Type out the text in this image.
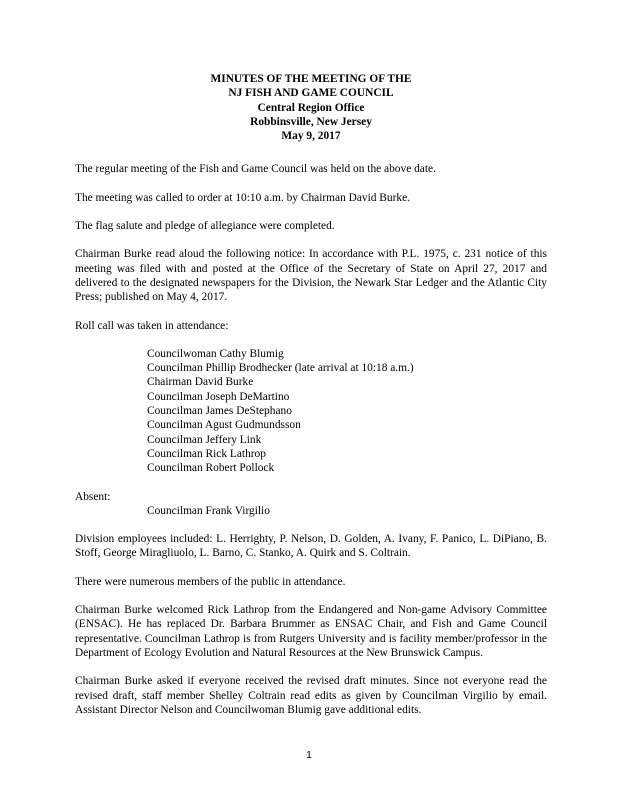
MINUTES OF THE MEETING OF THE
NJ FISH AND GAME COUNCIL
Central Region Office
Robbinsville, New Jersey
May 9, 2017

The regular meeting of the Fish and Game Council was held on the above date.

The meeting was called to order at 10:10 a.m. by Chairman David Burke.

The flag salute and pledge of allegiance were completed.

Chairman Burke read aloud the following notice: In accordance with P.L. 1975, c. 231 notice of this meeting was filed with and posted at the Office of the Secretary of State on April 27, 2017 and delivered to the designated newspapers for the Division, the Newark Star Ledger and the Atlantic City Press; published on May 4, 2017.

Roll call was taken in attendance:

Councilwoman Cathy Blumig
Councilman Phillip Brodhecker (late arrival at 10:18 a.m.)
Chairman David Burke
Councilman Joseph DeMartino
Councilman James DeStephano
Councilman Agust Gudmundsson
Councilman Jeffery Link
Councilman Rick Lathrop
Councilman Robert Pollock

Absent:

Councilman Frank Virgilio

Division employees included: L. Herrighty, P. Nelson, D. Golden, A. Ivany, F. Panico, L. DiPiano, B. Stoff, George Miragliuolo, L. Barno, C. Stanko, A. Quirk and S. Coltrain.

There were numerous members of the public in attendance.

Chairman Burke welcomed Rick Lathrop from the Endangered and Non-game Advisory Committee (ENSAC). He has replaced Dr. Barbara Brummer as ENSAC Chair, and Fish and Game Council representative. Councilman Lathrop is from Rutgers University and is facility member/professor in the Department of Ecology Evolution and Natural Resources at the New Brunswick Campus.

Chairman Burke asked if everyone received the revised draft minutes. Since not everyone read the revised draft, staff member Shelley Coltrain read edits as given by Councilman Virgilio by email. Assistant Director Nelson and Councilwoman Blumig gave additional edits.

1
